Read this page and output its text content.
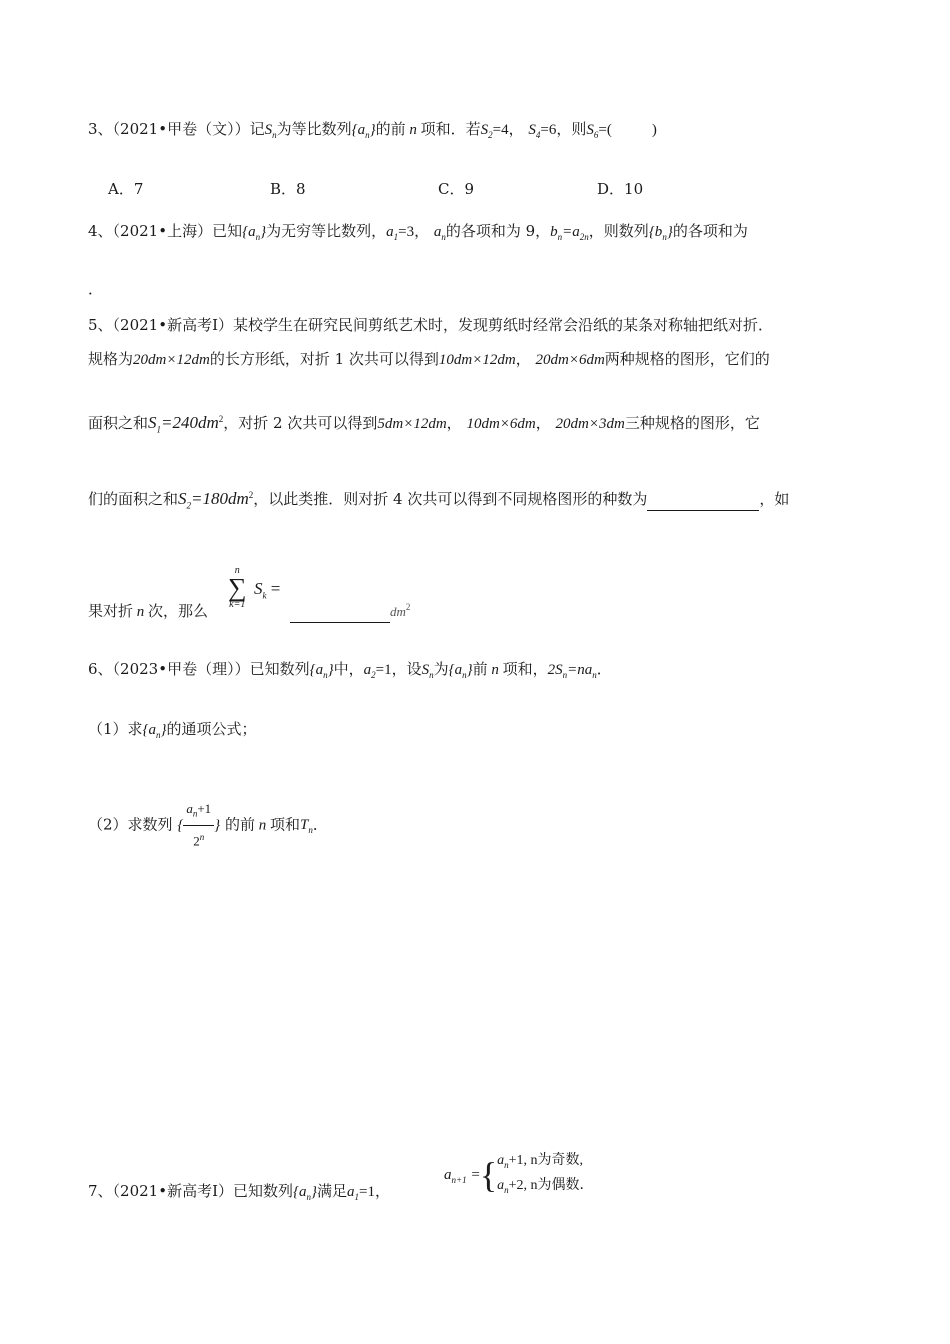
3、（2021•甲卷（文））记$S_n$为等比数列$\{a_n\}$的前 n 项和．若$S_2=4$， $S_4=6$，则$S_6=$(	)
A．7	B．8	C．9	D．10
4、（2021•上海）已知$\{a_n\}$为无穷等比数列，$a_1=3$， $a_n$的各项和为 9，$b_n=a_{2n}$，则数列$\{b_n\}$的各项和为
．
5、（2021•新高考Ⅰ）某校学生在研究民间剪纸艺术时，发现剪纸时经常会沿纸的某条对称轴把纸对折．
规格为20dm×12dm的长方形纸，对折 1 次共可以得到10dm×12dm， 20dm×6dm两种规格的图形，它们的
面积之和$S_1=240dm^2$，对折 2 次共可以得到5dm×12dm， 10dm×6dm， 20dm×3dm三种规格的图形，它
们的面积之和$S_2=180dm^2$，以此类推．则对折 4 次共可以得到不同规格图形的种数为	，如
果对折 n 次，那么
n
∑
k=1
$S_k$ =
$dm^2$
6、（2023•甲卷（理））已知数列$\{a_n\}$中，$a_2=1$，设$S_n$为$\{a_n\}$前 n 项和，$2S_n=na_n$．
（1）求$\{a_n\}$的通项公式；
（2）求数列 { $\frac{a_n+1}{2^n}$ } 的前 n 项和$T_n$．
7、（2021•新高考Ⅰ）已知数列$\{a_n\}$满足$a_1=1$，
$a_{n+1}$ ={ $a_n+1$, n为奇数,
$a_n+2$, n为偶数．
